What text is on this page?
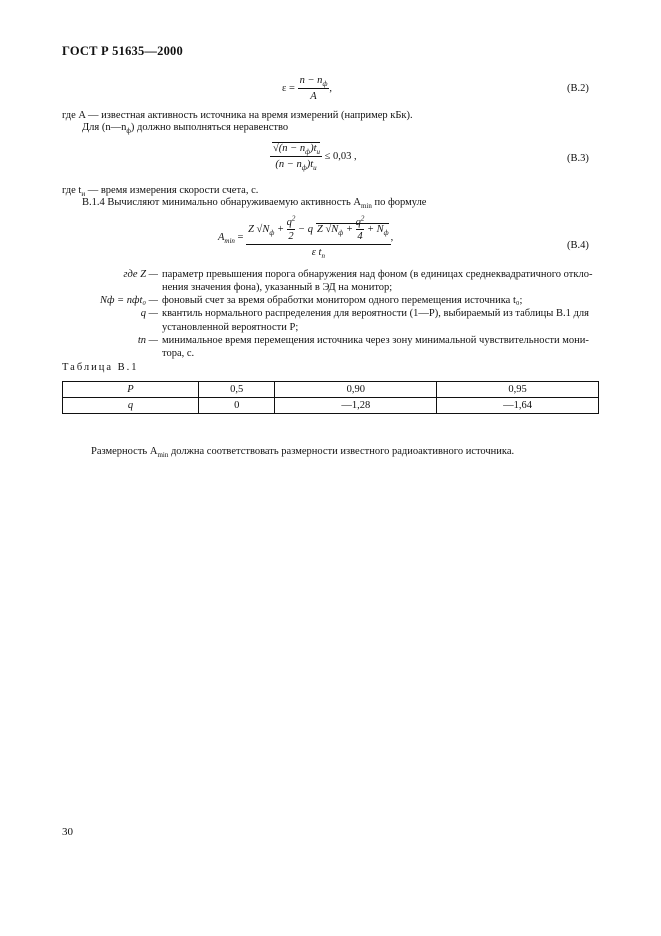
ГОСТ Р 51635—2000
$\varepsilon = \frac{n - n_ф}{A}$ ,	(В.2)
где A — известная активность источника на время измерений (например кБк).
Для $(n—n_ф)$ должно выполняться неравенство
$\frac{√(n - n_ф)t_и}{(n - n_ф)t_и} \le 0,03$ ,	(В.3)
где $t_и$ — время измерения скорости счета, с.
В.1.4 Вычисляют минимально обнаруживаемую активность $A_{min}$ по формуле
$A_{min} = \frac{Z √N_ф + \frac{q^2}{2} - q Z √N_ф + \frac{q^2}{4} + N_ф}{\varepsilon t_п}$ ,
(В.4)
где Z — параметр превышения порога обнаружения над фоном (в единицах среднеквадратичного откло-нения значения фона), указанный в ЭД на монитор;
Nф = nфt₀ — фоновый счет за время обработки монитором одного перемещения источника t₀;
q — квантиль нормального распределения для вероятности (1—P), выбираемый из таблицы В.1 для установленной вероятности P;
tп — минимальное время перемещения источника через зону минимальной чувствительности мони-тора, с.
Таблица В.1
P	0,5	0,90	0,95
q	0	—1,28	—1,64
Размерность $A_{min}$ должна соответствовать размерности известного радиоактивного источника.
30
